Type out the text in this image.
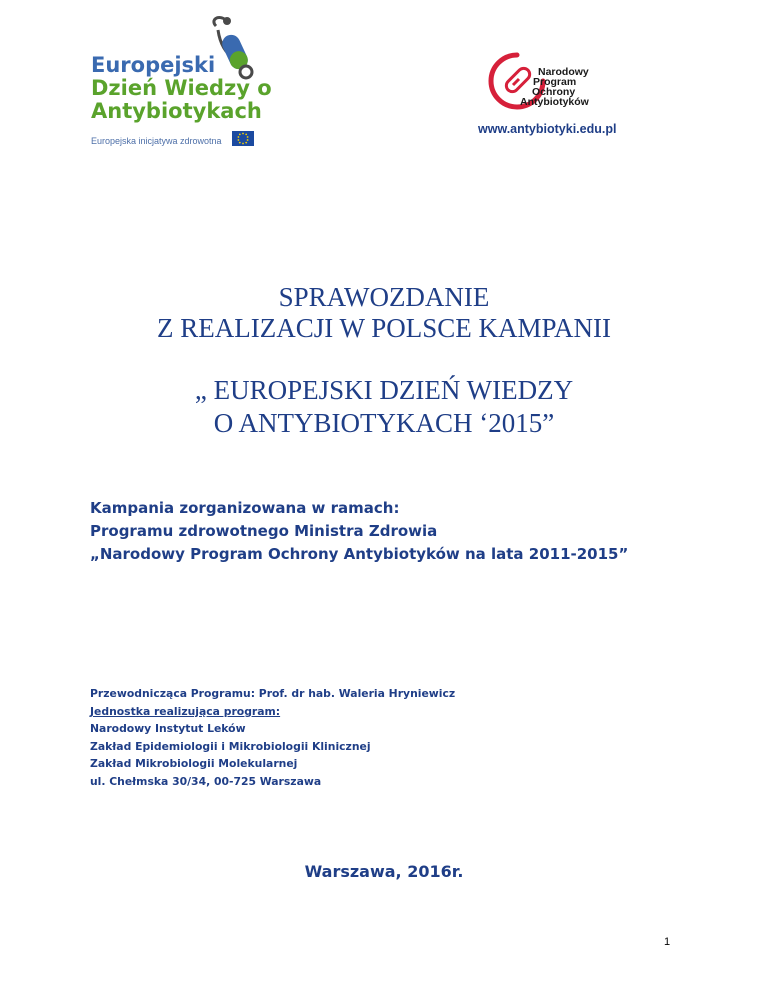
Europejski
Dzień Wiedzy o
Antybiotykach
Europejska inicjatywa zdrowotna
Narodowy
Program
Ochrony
Antybiotyków
www.antybiotyki.edu.pl
SPRAWOZDANIE
Z REALIZACJI W POLSCE KAMPANII
„ EUROPEJSKI DZIEŃ WIEDZY
O ANTYBIOTYKACH ‘2015”
Kampania zorganizowana w ramach:
Programu zdrowotnego Ministra Zdrowia
„Narodowy Program Ochrony Antybiotyków na lata 2011-2015”
Przewodnicząca Programu: Prof. dr hab. Waleria Hryniewicz
Jednostka realizująca program:
Narodowy Instytut Leków
Zakład Epidemiologii i Mikrobiologii Klinicznej
Zakład Mikrobiologii Molekularnej
ul. Chełmska 30/34, 00-725 Warszawa
Warszawa, 2016r.
1
